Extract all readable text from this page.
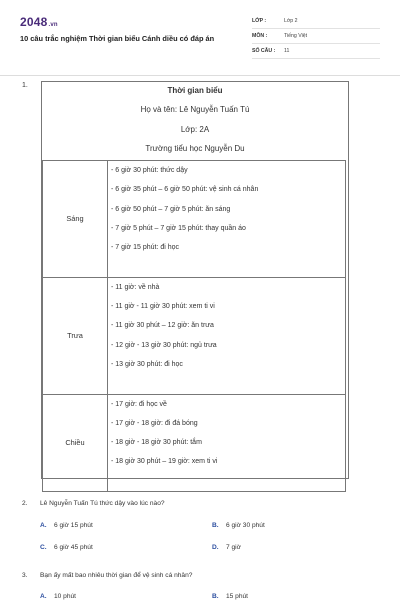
2048.vn
10 câu trắc nghiệm Thời gian biểu Cánh diều có đáp án
LỚP :	Lớp 2
MÔN :	Tiếng Việt
SỐ CÂU : 11
1.
Thời gian biểu
Họ và tên: Lê Nguyễn Tuấn Tú
Lớp: 2A
Trường tiểu học Nguyễn Du
Sáng	- 6 giờ 30 phút: thức dậy
- 6 giờ 35 phút – 6 giờ 50 phút: vệ sinh cá nhân
- 6 giờ 50 phút – 7 giờ 5 phút: ăn sáng
- 7 giờ 5 phút – 7 giờ 15 phút: thay quần áo
- 7 giờ 15 phút: đi học

Trưa	- 11 giờ: về nhà
- 11 giờ - 11 giờ 30 phút: xem ti vi
- 11 giờ 30 phút – 12 giờ: ăn trưa
- 12 giờ - 13 giờ 30 phút: ngủ trưa
- 13 giờ 30 phút: đi học

Chiều	- 17 giờ: đi học về
- 17 giờ - 18 giờ: đi đá bóng
- 18 giờ - 18 giờ 30 phút: tắm
- 18 giờ 30 phút – 19 giờ: xem ti vi
2. Lê Nguyễn Tuấn Tú thức dậy vào lúc nào?
A. 6 giờ 15 phút	B. 6 giờ 30 phút
C. 6 giờ 45 phút	D. 7 giờ
3. Bạn ấy mất bao nhiêu thời gian để vệ sinh cá nhân?
A. 10 phút	B. 15 phút
